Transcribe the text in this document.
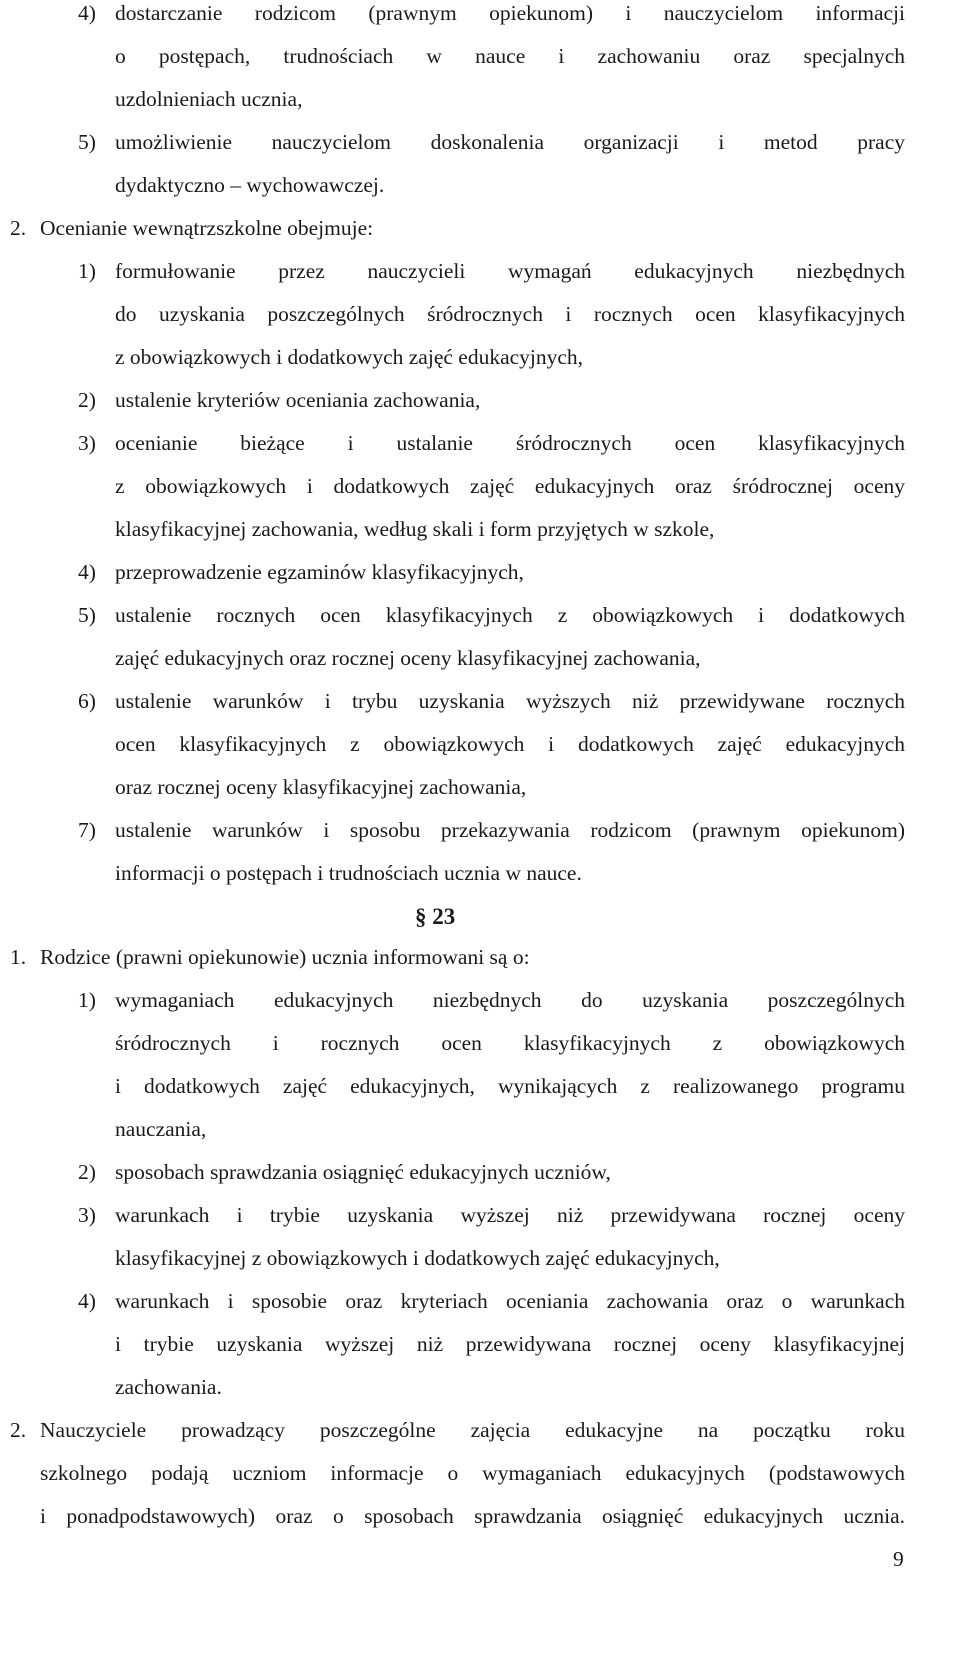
4) dostarczanie rodzicom (prawnym opiekunom) i nauczycielom informacji
o postępach, trudnościach w nauce i zachowaniu oraz specjalnych
uzdolnieniach ucznia,
5) umożliwienie nauczycielom doskonalenia organizacji i metod pracy
dydaktyczno – wychowawczej.
2. Ocenianie wewnątrzszkolne obejmuje:
1) formułowanie przez nauczycieli wymagań edukacyjnych niezbędnych
do uzyskania poszczególnych śródrocznych i rocznych ocen klasyfikacyjnych
z obowiązkowych i dodatkowych zajęć edukacyjnych,
2) ustalenie kryteriów oceniania zachowania,
3) ocenianie bieżące i ustalanie śródrocznych ocen klasyfikacyjnych
z obowiązkowych i dodatkowych zajęć edukacyjnych oraz śródrocznej oceny
klasyfikacyjnej zachowania, według skali i form przyjętych w szkole,
4) przeprowadzenie egzaminów klasyfikacyjnych,
5) ustalenie rocznych ocen klasyfikacyjnych z obowiązkowych i dodatkowych
zajęć edukacyjnych oraz rocznej oceny klasyfikacyjnej zachowania,
6) ustalenie warunków i trybu uzyskania wyższych niż przewidywane rocznych
ocen klasyfikacyjnych z obowiązkowych i dodatkowych zajęć edukacyjnych
oraz rocznej oceny klasyfikacyjnej zachowania,
7) ustalenie warunków i sposobu przekazywania rodzicom (prawnym opiekunom)
informacji o postępach i trudnościach ucznia w nauce.
§ 23
1. Rodzice (prawni opiekunowie) ucznia informowani są o:
1) wymaganiach edukacyjnych niezbędnych do uzyskania poszczególnych
śródrocznych i rocznych ocen klasyfikacyjnych z obowiązkowych
i dodatkowych zajęć edukacyjnych, wynikających z realizowanego programu
nauczania,
2) sposobach sprawdzania osiągnięć edukacyjnych uczniów,
3) warunkach i trybie uzyskania wyższej niż przewidywana rocznej oceny
klasyfikacyjnej z obowiązkowych i dodatkowych zajęć edukacyjnych,
4) warunkach i sposobie oraz kryteriach oceniania zachowania oraz o warunkach
i trybie uzyskania wyższej niż przewidywana rocznej oceny klasyfikacyjnej
zachowania.
2. Nauczyciele prowadzący poszczególne zajęcia edukacyjne na początku roku
szkolnego podają uczniom informacje o wymaganiach edukacyjnych (podstawowych
i ponadpodstawowych) oraz o sposobach sprawdzania osiągnięć edukacyjnych ucznia.
9
